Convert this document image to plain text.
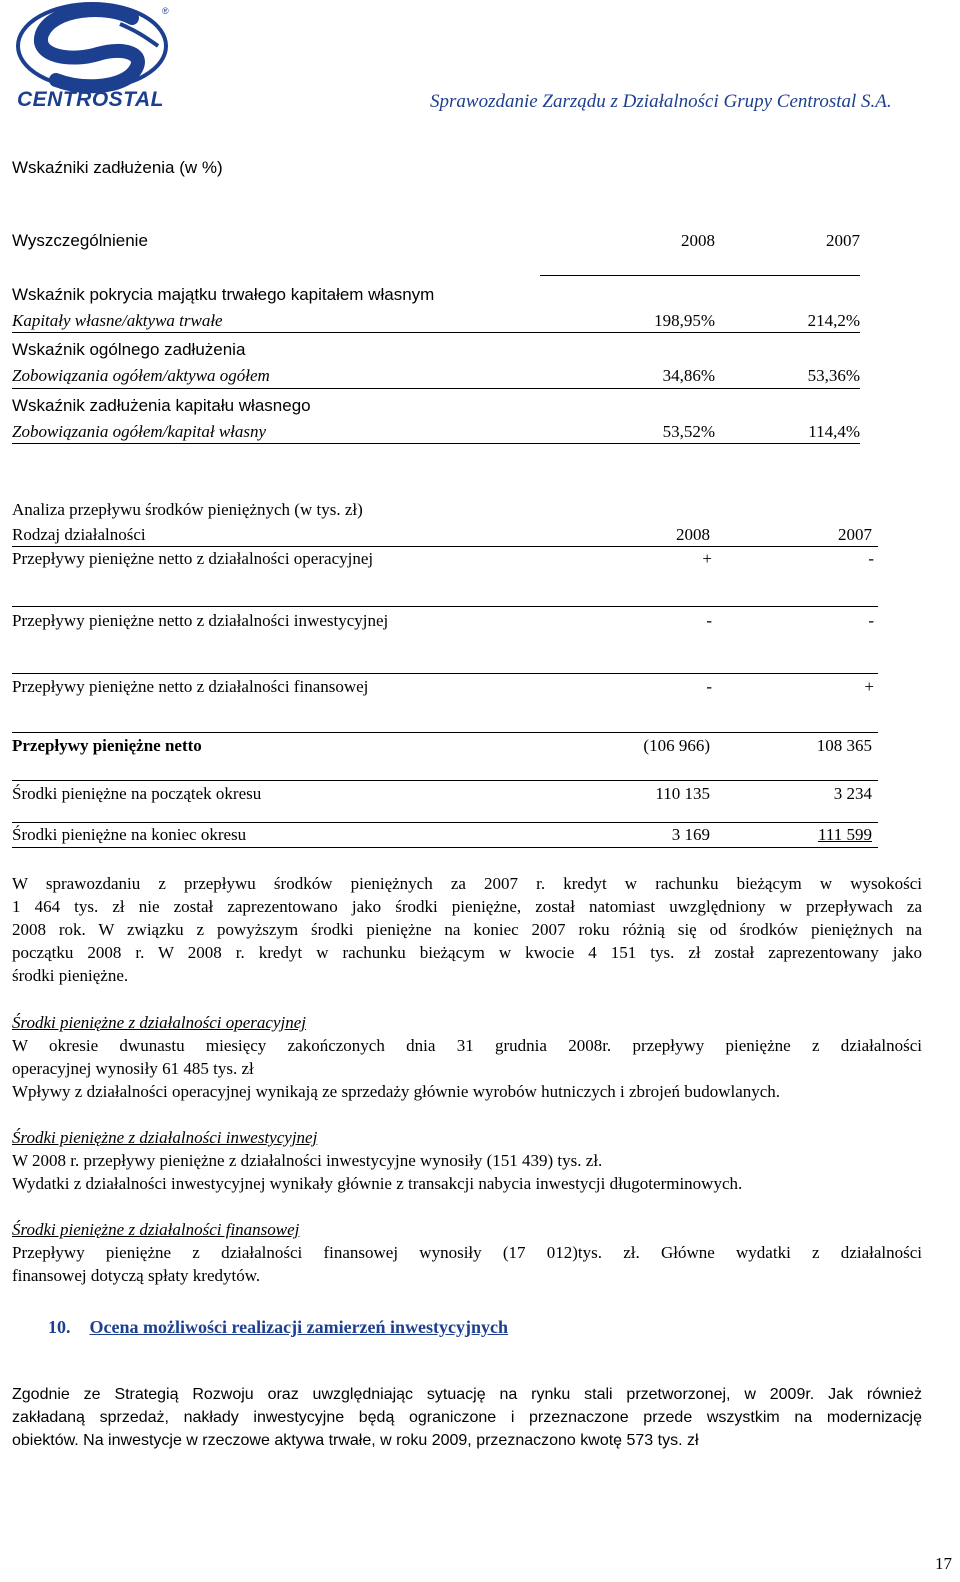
®
CENTROSTAL	Sprawozdanie Zarządu z Działalności Grupy Centrostal S.A.
Wskaźniki zadłużenia (w %)
Wyszczególnienie	2008	2007
Wskaźnik pokrycia majątku trwałego kapitałem własnym
Kapitały własne/aktywa trwałe	198,95%	214,2%
Wskaźnik ogólnego zadłużenia
Zobowiązania ogółem/aktywa ogółem	34,86%	53,36%
Wskaźnik zadłużenia kapitału własnego
Zobowiązania ogółem/kapitał własny	53,52%	114,4%
Analiza przepływu środków pieniężnych (w tys. zł)
Rodzaj działalności	2008	2007
Przepływy pieniężne netto z działalności operacyjnej	+	-
Przepływy pieniężne netto z działalności inwestycyjnej	-	-
Przepływy pieniężne netto z działalności finansowej	-	+
Przepływy pieniężne netto	(106 966)	108 365
Środki pieniężne na początek okresu	110 135	3 234
Środki pieniężne na koniec okresu	3 169	111 599
W sprawozdaniu z przepływu środków pieniężnych za 2007 r. kredyt w rachunku bieżącym w wysokości
1 464 tys. zł nie został zaprezentowano jako środki pieniężne, został natomiast uwzględniony w przepływach za
2008 rok. W związku z powyższym środki pieniężne na koniec 2007 roku różnią się od środków pieniężnych na
początku 2008 r. W 2008 r. kredyt w rachunku bieżącym w kwocie 4 151 tys. zł został zaprezentowany jako
środki pieniężne.
Środki pieniężne z działalności operacyjnej
W okresie dwunastu miesięcy zakończonych dnia 31 grudnia 2008r. przepływy pieniężne z działalności
operacyjnej wynosiły 61 485 tys. zł
Wpływy z działalności operacyjnej wynikają ze sprzedaży głównie wyrobów hutniczych i zbrojeń budowlanych.
Środki pieniężne z działalności inwestycyjnej
W 2008 r. przepływy pieniężne z działalności inwestycyjne wynosiły (151 439) tys. zł.
Wydatki z działalności inwestycyjnej wynikały głównie z transakcji nabycia inwestycji długoterminowych.
Środki pieniężne z działalności finansowej
Przepływy pieniężne z działalności finansowej wynosiły (17 012)tys. zł. Główne wydatki z działalności
finansowej dotyczą spłaty kredytów.
10. Ocena możliwości realizacji zamierzeń inwestycyjnych
Zgodnie ze Strategią Rozwoju oraz uwzględniając sytuację na rynku stali przetworzonej, w 2009r. Jak również
zakładaną sprzedaż, nakłady inwestycyjne będą ograniczone i przeznaczone przede wszystkim na modernizację
obiektów. Na inwestycje w rzeczowe aktywa trwałe, w roku 2009, przeznaczono kwotę 573 tys. zł
17
